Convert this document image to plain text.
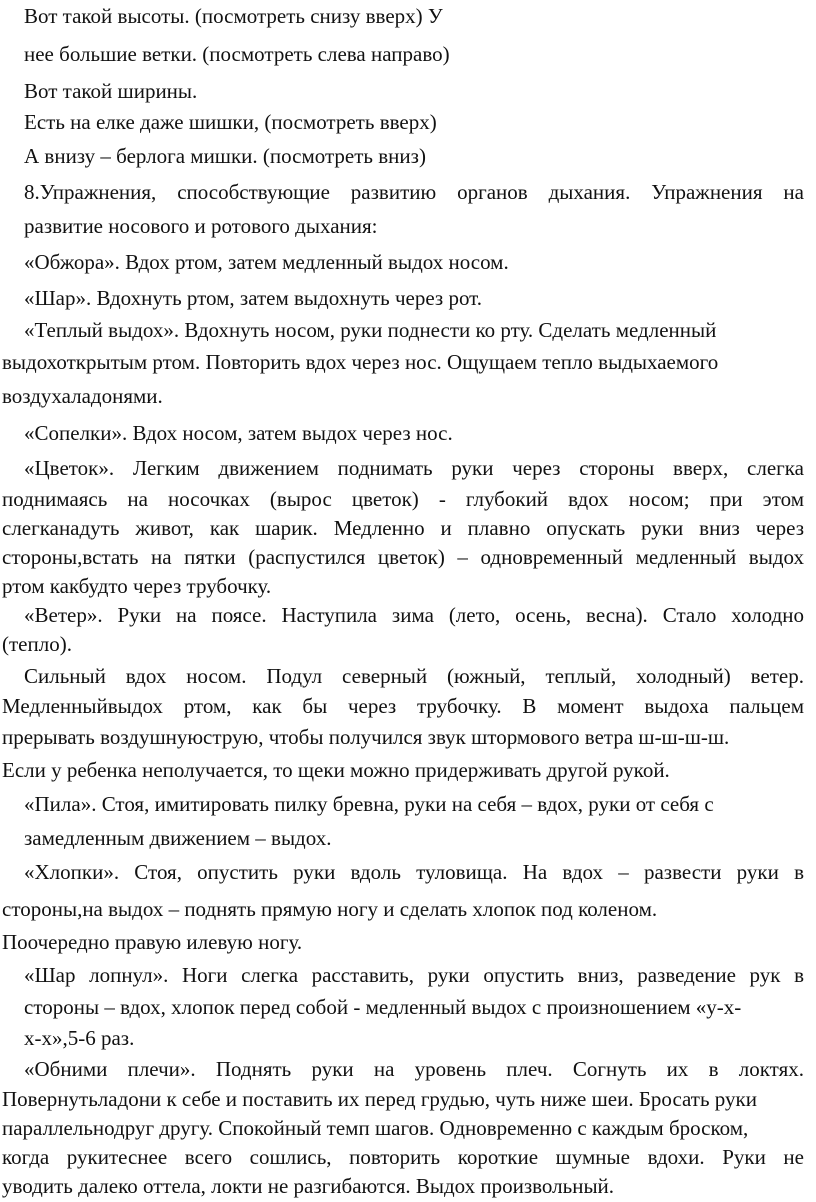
Вот такой высоты. (посмотреть снизу вверх) У
нее большие ветки. (посмотреть слева направо)
Вот такой ширины.
Есть на елке даже шишки, (посмотреть вверх)
А внизу – берлога мишки. (посмотреть вниз)
8.Упражнения, способствующие развитию органов дыхания. Упражнения на
развитие носового и ротового дыхания:
«Обжора». Вдох ртом, затем медленный выдох носом.
«Шар». Вдохнуть ртом, затем выдохнуть через рот.
«Теплый выдох». Вдохнуть носом, руки поднести ко рту. Сделать медленный
выдохоткрытым ртом. Повторить вдох через нос. Ощущаем тепло выдыхаемого
воздухаладонями.
«Сопелки». Вдох носом, затем выдох через нос.
«Цветок». Легким движением поднимать руки через стороны вверх, слегка
поднимаясь на носочках (вырос цветок) - глубокий вдох носом; при этом
слегканадуть живот, как шарик. Медленно и плавно опускать руки вниз через
стороны,встать на пятки (распустился цветок) – одновременный медленный выдох
ртом какбудто через трубочку.
«Ветер». Руки на поясе. Наступила зима (лето, осень, весна). Стало холодно
(тепло).
Сильный вдох носом. Подул северный (южный, теплый, холодный) ветер.
Медленныйвыдох ртом, как бы через трубочку. В момент выдоха пальцем
прерывать воздушнуюструю, чтобы получился звук штормового ветра ш-ш-ш-ш.
Если у ребенка неполучается, то щеки можно придерживать другой рукой.
«Пила». Стоя, имитировать пилку бревна, руки на себя – вдох, руки от себя с
замедленным движением – выдох.
«Хлопки». Стоя, опустить руки вдоль туловища. На вдох – развести руки в
стороны,на выдох – поднять прямую ногу и сделать хлопок под коленом.
Поочередно правую илевую ногу.
«Шар лопнул». Ноги слегка расставить, руки опустить вниз, разведение рук в
стороны – вдох, хлопок перед собой - медленный выдох с произношением «у-х-
х-х»,5-6 раз.
«Обними плечи». Поднять руки на уровень плеч. Согнуть их в локтях.
Повернутьладони к себе и поставить их перед грудью, чуть ниже шеи. Бросать руки
параллельнодруг другу. Спокойный темп шагов. Одновременно с каждым броском,
когда рукитеснее всего сошлись, повторить короткие шумные вдохи. Руки не
уводить далеко оттела, локти не разгибаются. Выдох произвольный.
